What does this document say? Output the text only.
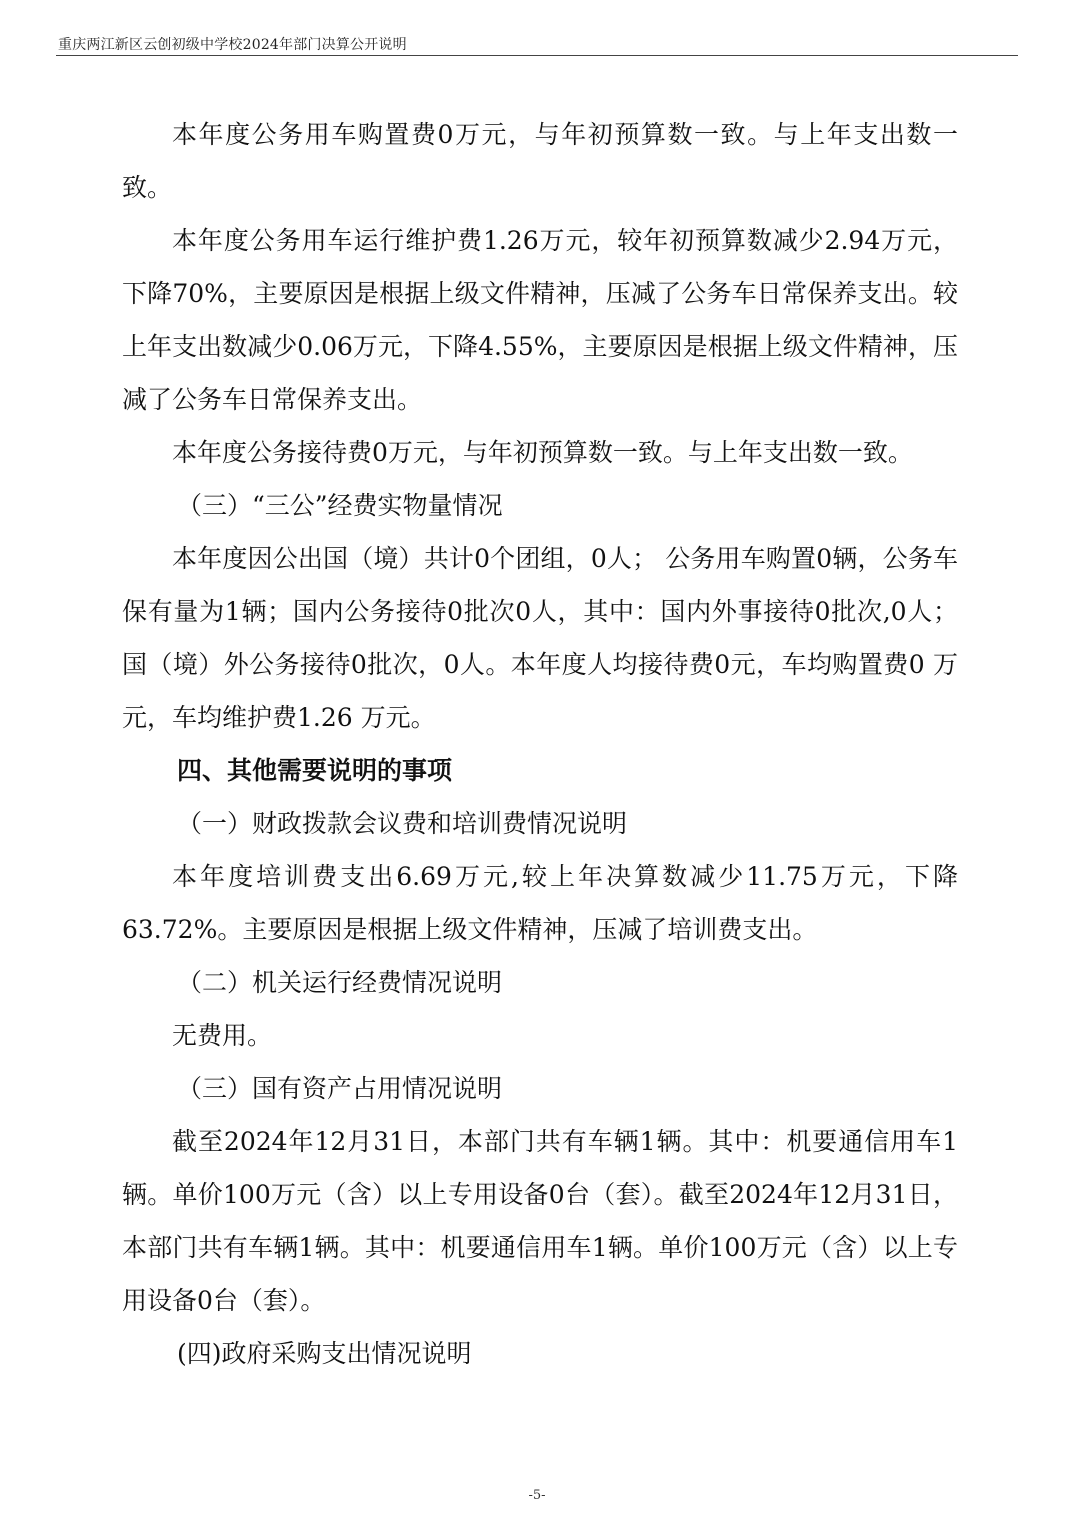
重庆两江新区云创初级中学校2024年部门决算公开说明

本年度公务用车购置费0万元，与年初预算数一致。与上年支出数一致。

本年度公务用车运行维护费1.26万元，较年初预算数减少2.94万元，下降70%，主要原因是根据上级文件精神，压减了公务车日常保养支出。较上年支出数减少0.06万元，下降4.55%，主要原因是根据上级文件精神，压减了公务车日常保养支出。

本年度公务接待费0万元，与年初预算数一致。与上年支出数一致。

（三）“三公”经费实物量情况

本年度因公出国（境）共计0个团组，0人； 公务用车购置0辆，公务车保有量为1辆；国内公务接待0批次0人，其中：国内外事接待0批次,0人； 国（境）外公务接待0批次，0人。本年度人均接待费0元，车均购置费0 万元，车均维护费1.26 万元。

四、其他需要说明的事项

（一）财政拨款会议费和培训费情况说明

本年度培训费支出6.69万元,较上年决算数减少11.75万元，下降63.72%。主要原因是根据上级文件精神，压减了培训费支出。

（二）机关运行经费情况说明

无费用。

（三）国有资产占用情况说明

截至2024年12月31日，本部门共有车辆1辆。其中：机要通信用车1辆。单价100万元（含）以上专用设备0台（套）。截至2024年12月31日，本部门共有车辆1辆。其中：机要通信用车1辆。单价100万元（含）以上专用设备0台（套）。

(四)政府采购支出情况说明

-5-
